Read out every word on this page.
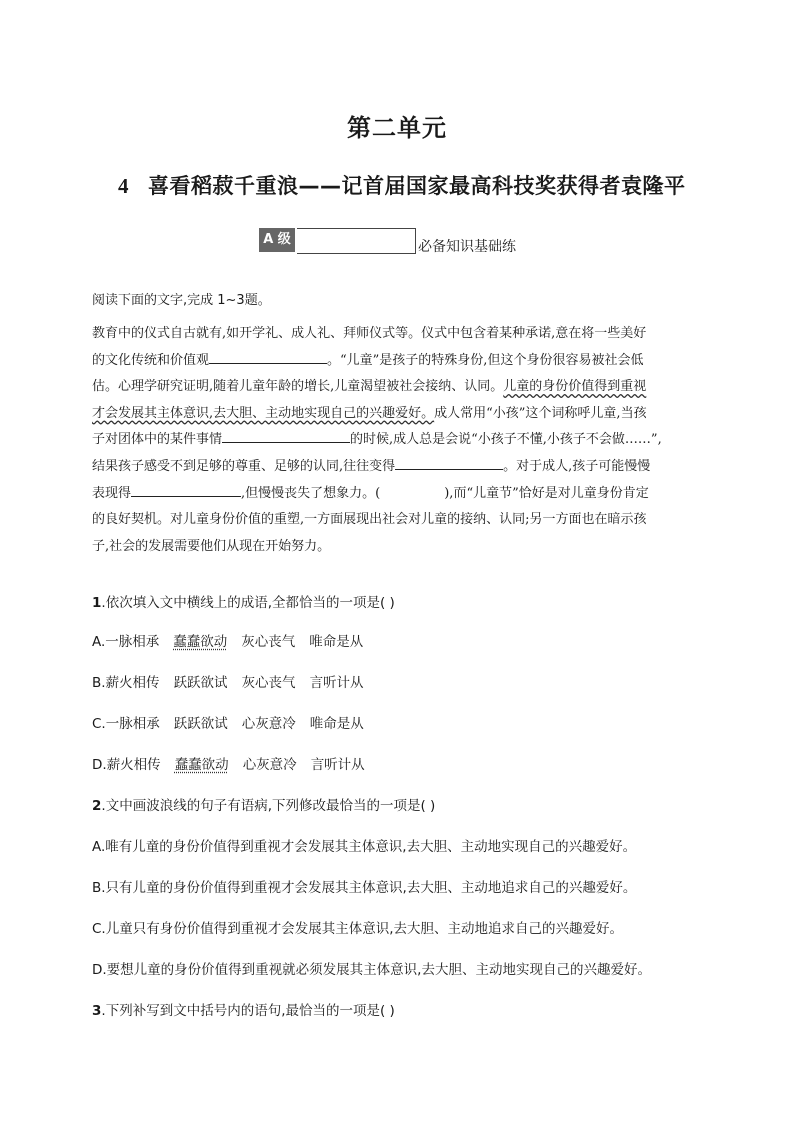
第二单元
4 喜看稻菽千重浪——记首届国家最高科技奖获得者袁隆平
A 级	必备知识基础练
阅读下面的文字,完成 1~3题。
教育中的仪式自古就有,如开学礼、成人礼、拜师仪式等。仪式中包含着某种承诺,意在将一些美好
的文化传统和价值观	。“儿童”是孩子的特殊身份,但这个身份很容易被社会低
估。心理学研究证明,随着儿童年龄的增长,儿童渴望被社会接纳、认同。儿童的身份价值得到重视
才会发展其主体意识,去大胆、主动地实现自己的兴趣爱好。成人常用“小孩”这个词称呼儿童,当孩
子对团体中的某件事情	的时候,成人总是会说“小孩子不懂,小孩子不会做……”,
结果孩子感受不到足够的尊重、足够的认同,往往变得	。对于成人,孩子可能慢慢
表现得	,但慢慢丧失了想象力。(	),而“儿童节”恰好是对儿童身份肯定
的良好契机。对儿童身份价值的重塑,一方面展现出社会对儿童的接纳、认同;另一方面也在暗示孩
子,社会的发展需要他们从现在开始努力。
1.依次填入文中横线上的成语,全都恰当的一项是( )
A.一脉相承 蠢蠢欲动 灰心丧气 唯命是从
B.薪火相传 跃跃欲试 灰心丧气 言听计从
C.一脉相承 跃跃欲试 心灰意冷 唯命是从
D.薪火相传 蠢蠢欲动 心灰意冷 言听计从
2.文中画波浪线的句子有语病,下列修改最恰当的一项是( )
A.唯有儿童的身份价值得到重视才会发展其主体意识,去大胆、主动地实现自己的兴趣爱好。
B.只有儿童的身份价值得到重视才会发展其主体意识,去大胆、主动地追求自己的兴趣爱好。
C.儿童只有身份价值得到重视才会发展其主体意识,去大胆、主动地追求自己的兴趣爱好。
D.要想儿童的身份价值得到重视就必须发展其主体意识,去大胆、主动地实现自己的兴趣爱好。
3.下列补写到文中括号内的语句,最恰当的一项是( )
